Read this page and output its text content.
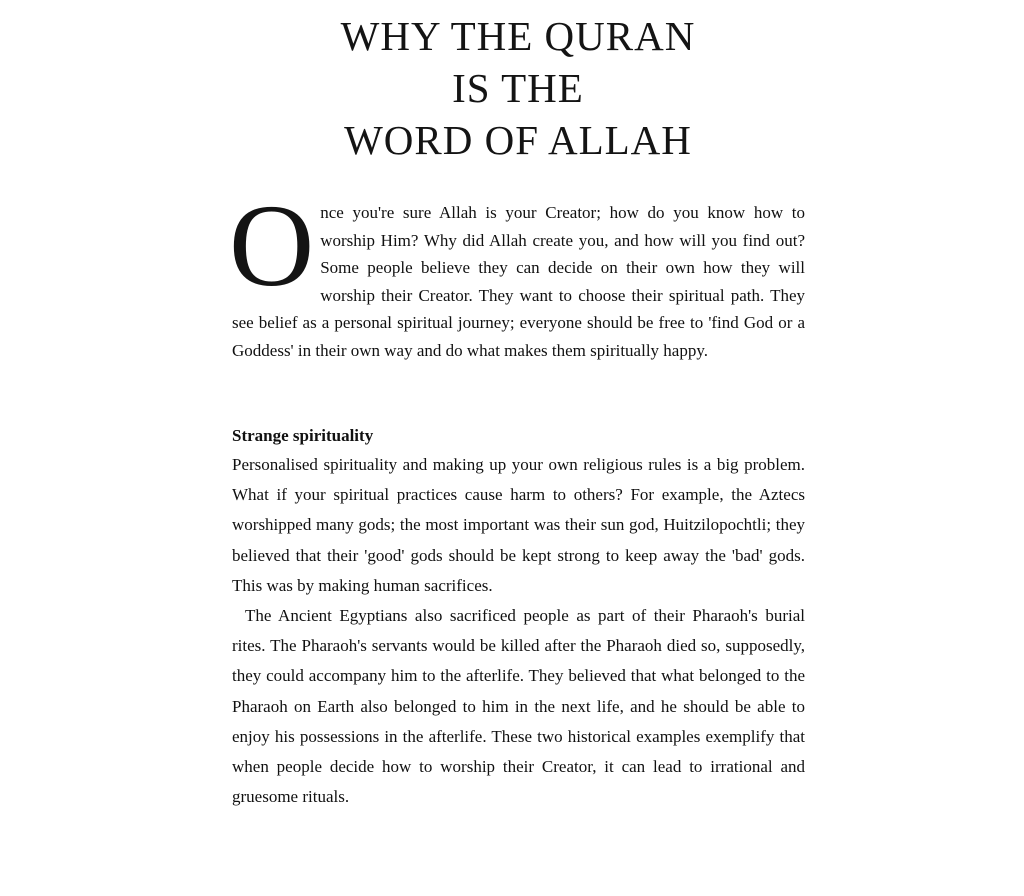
WHY THE QURAN
IS THE
WORD OF ALLAH
Once you're sure Allah is your Creator; how do you know how to worship Him? Why did Allah create you, and how will you find out? Some people believe they can decide on their own how they will worship their Creator. They want to choose their spiritual path. They see belief as a personal spiritual journey; everyone should be free to 'find God or a Goddess' in their own way and do what makes them spiritually happy.
Strange spirituality

Personalised spirituality and making up your own religious rules is a big problem. What if your spiritual practices cause harm to others? For example, the Aztecs worshipped many gods; the most important was their sun god, Huitzilopochtli; they believed that their 'good' gods should be kept strong to keep away the 'bad' gods. This was by making human sacrifices.

The Ancient Egyptians also sacrificed people as part of their Pharaoh's burial rites. The Pharaoh's servants would be killed after the Pharaoh died so, supposedly, they could accompany him to the afterlife. They believed that what belonged to the Pharaoh on Earth also belonged to him in the next life, and he should be able to enjoy his possessions in the afterlife. These two historical examples exemplify that when people decide how to worship their Creator, it can lead to irrational and gruesome rituals.
